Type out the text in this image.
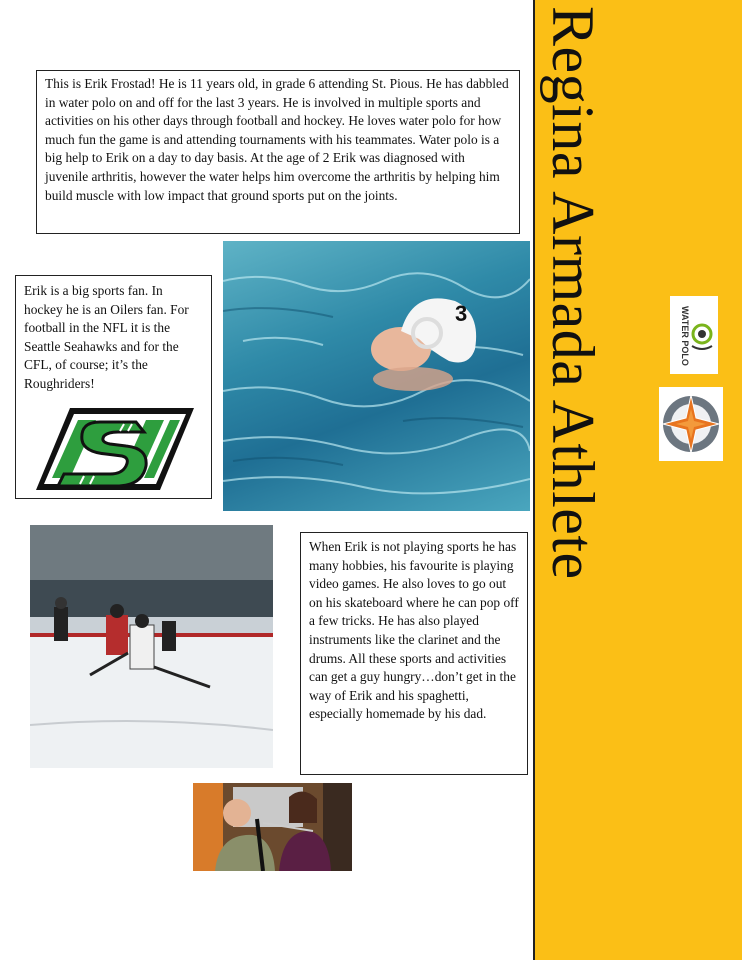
This is Erik Frostad! He is 11 years old, in grade 6 attending St. Pious. He has dabbled in water polo on and off for the last 3 years. He is involved in multiple sports and activities on his other days through football and hockey. He loves water polo for how much fun the game is and attending tournaments with his teammates. Water polo is a big help to Erik on a day to day basis. At the age of 2 Erik was diagnosed with juvenile arthritis, however the water helps him overcome the arthritis by helping him build muscle with low impact that ground sports put on the joints.
Erik is a big sports fan. In hockey he is an Oilers fan. For football in the NFL it is the Seattle Seahawks and for the CFL, of course; it’s the Roughriders!
3
When Erik is not playing sports he has many hobbies, his favourite is playing video games. He also loves to go out on his skateboard where he can pop off a few tricks. He has also played instruments like the clarinet and the drums. All these sports and activities can get a guy hungry…don’t get in the way of Erik and his spaghetti, especially homemade by his dad.
Regina Armada Athlete	WATER POLO
